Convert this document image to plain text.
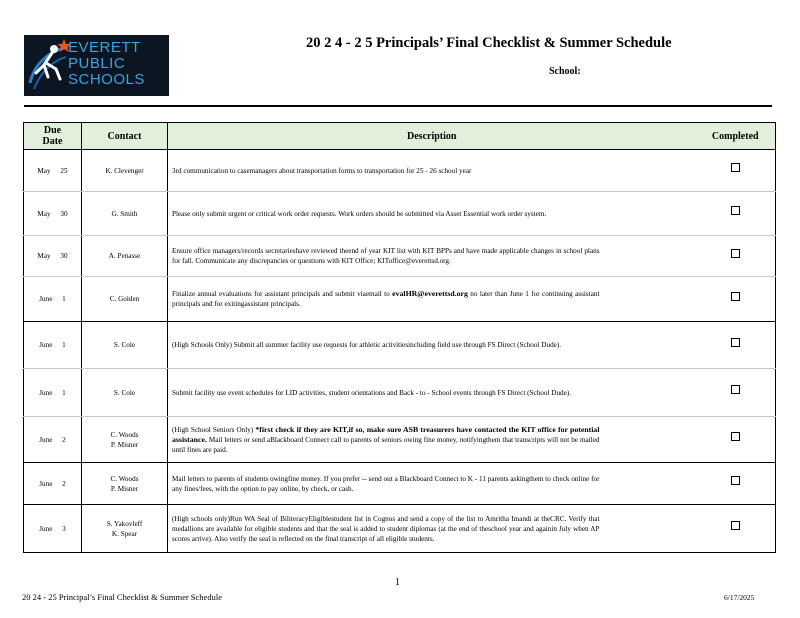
EVERETT
PUBLIC
SCHOOLS
20 2 4 - 2 5 Principals’ Final Checklist & Summer Schedule
School:
Due
Date	Contact	Description	Completed
May 25	K. Clevenger	3rd communication to casemanagers about transportation forms to transportation for 25 - 26 school year	
May 30	G. Smith	Please only submit urgent or critical work order requests. Work orders should be submitted via Asset Essential work order system.	
May 30	A. Penasse	Ensure office managers/records secretarieshave reviewed theend of year KIT list with KIT BPPs and have made applicable changes in school plans for fall. Communicate any discrepancies or questions with KIT Office; KIToffice@everettsd.org.	
June 1	C. Golden	Finalize annual evaluations for assistant principals and submit viaemail to evalHR@everettsd.org no later than June 1 for continuing assistant principals and for exitingassistant principals.	
June 1	S. Cole	(High Schools Only) Submit all summer facility use requests for athletic activitiesincluding field use through FS Direct (School Dude).	
June 1	S. Cole	Submit facility use event schedules for LID activities, student orientations and Back - to - School events through FS Direct (School Dude).	
June 2	C. Woods
P. Misner	(High School Seniors Only) *first check if they are KIT,if so, make sure ASB treasurers have contacted the KIT office for potential assistance. Mail letters or send aBlackboard Connect call to parents of seniors owing fine money, notifyingthem that transcripts will not be mailed until fines are paid.	
June 2	C. Woods
P. Misner	Mail letters to parents of students owingfine money. If you prefer -- send out a Blackboard Connect to K - 11 parents askingthem to check online for any fines/fees, with the option to pay online, by check, or cash.	
June 3	S. Yakovleff
K. Spear	(High schools only)Run WA Seal of BiliteracyEligiblestudent list in Cognos and send a copy of the list to Amritha Imandi at theCRC. Verify that medallions are available for eligible students and that the seal is added to student diplomas (at the end of theschool year and againin July when AP scores arrive). Also verify the seal is reflected on the final transcript of all eligible students.	
1
20 24 - 25 Principal’s Final Checklist & Summer Schedule	6/17/2025
